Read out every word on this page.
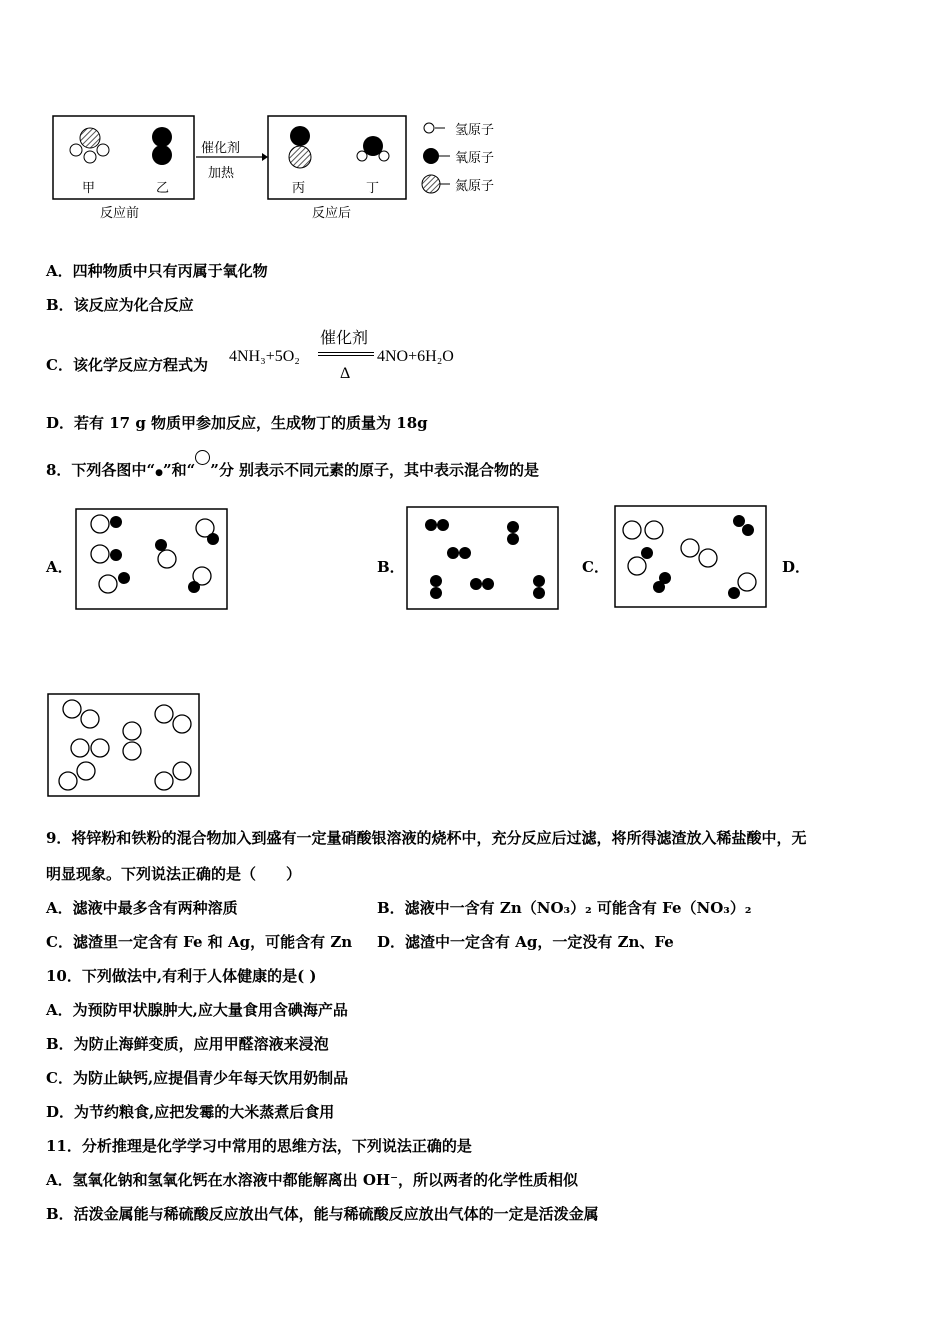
催化剂
加热
甲	乙	丙	丁
反应前	反应后
氢原子
氧原子
氮原子
A．四种物质中只有丙属于氧化物
B．该反应为化合反应
C．该化学反应方程式为 4NH₃+5O₂
催化剂
Δ
4NO+6H₂O
D．若有 17 g 物质甲参加反应，生成物丁的质量为 18g
8．下列各图中“●”和“ ”分 别表示不同元素的原子，其中表示混合物的是
A．	B．	C．	D．
9．将锌粉和铁粉的混合物加入到盛有一定量硝酸银溶液的烧杯中，充分反应后过滤，将所得滤渣放入稀盐酸中，无
明显现象。下列说法正确的是（　　）
A．滤液中最多含有两种溶质	B．滤液中一含有 Zn（NO₃）₂ 可能含有 Fe（NO₃）₂
C．滤渣里一定含有 Fe 和 Ag，可能含有 Zn D．滤渣中一定含有 Ag，一定没有 Zn、Fe
10．下列做法中,有利于人体健康的是( )
A．为预防甲状腺肿大,应大量食用含碘海产品
B．为防止海鲜变质，应用甲醛溶液来浸泡
C．为防止缺钙,应提倡青少年每天饮用奶制品
D．为节约粮食,应把发霉的大米蒸煮后食用
11．分析推理是化学学习中常用的思维方法，下列说法正确的是
A．氢氧化钠和氢氧化钙在水溶液中都能解离出 OH⁻，所以两者的化学性质相似
B．活泼金属能与稀硫酸反应放出气体，能与稀硫酸反应放出气体的一定是活泼金属
